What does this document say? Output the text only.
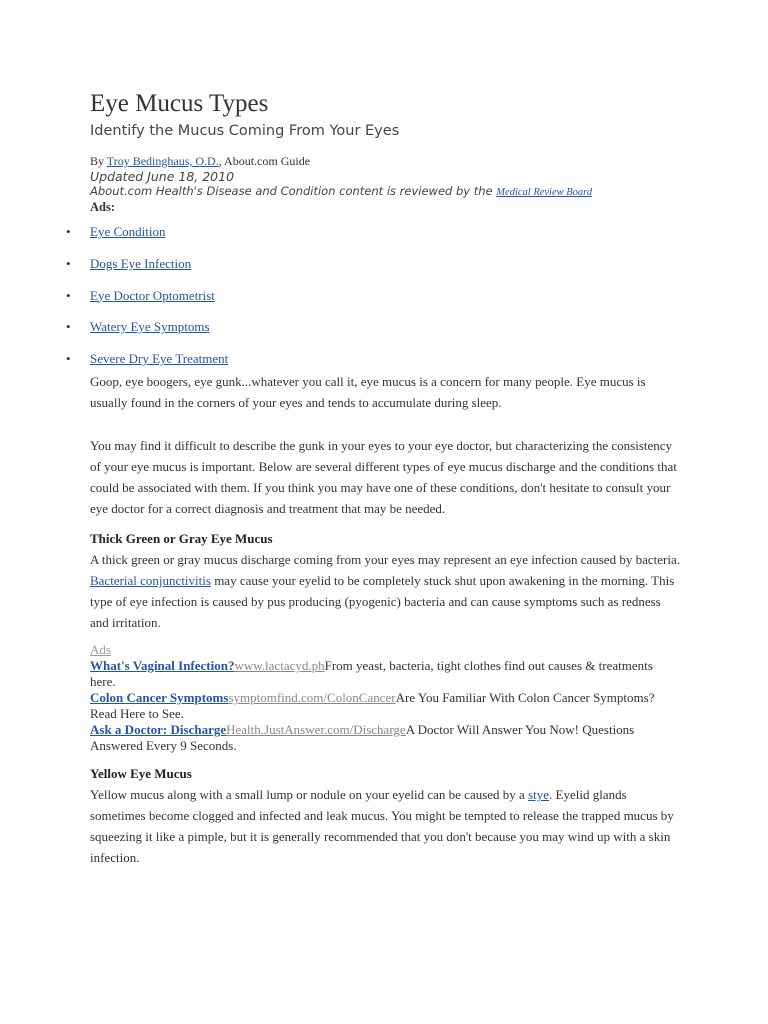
Eye Mucus Types
Identify the Mucus Coming From Your Eyes
By Troy Bedinghaus, O.D., About.com Guide
Updated June 18, 2010
About.com Health's Disease and Condition content is reviewed by the Medical Review Board
Ads:
• Eye Condition
• Dogs Eye Infection
• Eye Doctor Optometrist
• Watery Eye Symptoms
• Severe Dry Eye Treatment

Goop, eye boogers, eye gunk...whatever you call it, eye mucus is a concern for many people. Eye mucus is usually found in the corners of your eyes and tends to accumulate during sleep.

You may find it difficult to describe the gunk in your eyes to your eye doctor, but characterizing the consistency of your eye mucus is important. Below are several different types of eye mucus discharge and the conditions that could be associated with them. If you think you may have one of these conditions, don't hesitate to consult your eye doctor for a correct diagnosis and treatment that may be needed.

Thick Green or Gray Eye Mucus

A thick green or gray mucus discharge coming from your eyes may represent an eye infection caused by bacteria. Bacterial conjunctivitis may cause your eyelid to be completely stuck shut upon awakening in the morning. This type of eye infection is caused by pus producing (pyogenic) bacteria and can cause symptoms such as redness and irritation.

Ads
What's Vaginal Infection?www.lactacyd.phFrom yeast, bacteria, tight clothes find out causes & treatments here.
Colon Cancer Symptomssymptomfind.com/ColonCancerAre You Familiar With Colon Cancer Symptoms? Read Here to See.
Ask a Doctor: DischargeHealth.JustAnswer.com/DischargeA Doctor Will Answer You Now! Questions Answered Every 9 Seconds.
Yellow Eye Mucus

Yellow mucus along with a small lump or nodule on your eyelid can be caused by a stye. Eyelid glands sometimes become clogged and infected and leak mucus. You might be tempted to release the trapped mucus by squeezing it like a pimple, but it is generally recommended that you don't because you may wind up with a skin infection.
